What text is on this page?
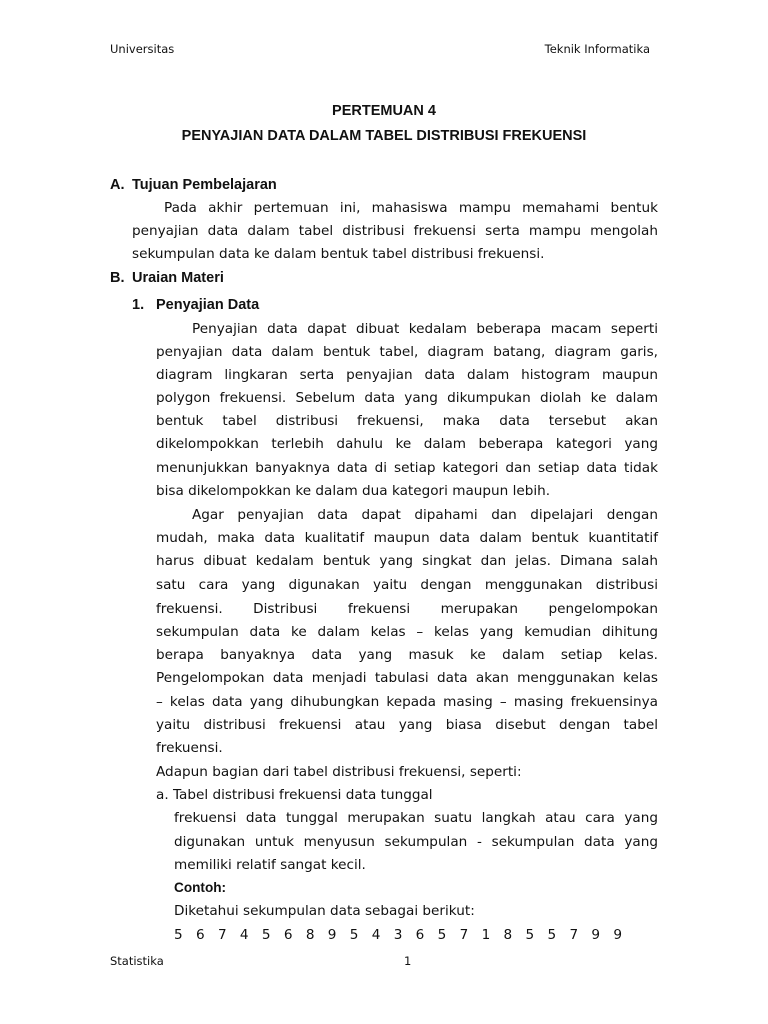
Universitas	Teknik Informatika
Statistika	1
PERTEMUAN 4
PENYAJIAN DATA DALAM TABEL DISTRIBUSI FREKUENSI
A. Tujuan Pembelajaran
Pada akhir pertemuan ini, mahasiswa mampu memahami bentuk
penyajian data dalam tabel distribusi frekuensi serta mampu mengolah
sekumpulan data ke dalam bentuk tabel distribusi frekuensi.
B. Uraian Materi
1. Penyajian Data
Penyajian data dapat dibuat kedalam beberapa macam seperti
penyajian data dalam bentuk tabel, diagram batang, diagram garis,
diagram lingkaran serta penyajian data dalam histogram maupun
polygon frekuensi. Sebelum data yang dikumpukan diolah ke dalam
bentuk tabel distribusi frekuensi, maka data tersebut akan
dikelompokkan terlebih dahulu ke dalam beberapa kategori yang
menunjukkan banyaknya data di setiap kategori dan setiap data tidak
bisa dikelompokkan ke dalam dua kategori maupun lebih.
Agar penyajian data dapat dipahami dan dipelajari dengan
mudah, maka data kualitatif maupun data dalam bentuk kuantitatif
harus dibuat kedalam bentuk yang singkat dan jelas. Dimana salah
satu cara yang digunakan yaitu dengan menggunakan distribusi
frekuensi. Distribusi frekuensi merupakan pengelompokan
sekumpulan data ke dalam kelas – kelas yang kemudian dihitung
berapa banyaknya data yang masuk ke dalam setiap kelas.
Pengelompokan data menjadi tabulasi data akan menggunakan kelas
– kelas data yang dihubungkan kepada masing – masing frekuensinya
yaitu distribusi frekuensi atau yang biasa disebut dengan tabel
frekuensi.
Adapun bagian dari tabel distribusi frekuensi, seperti:
a. Tabel distribusi frekuensi data tunggal
frekuensi data tunggal merupakan suatu langkah atau cara yang
digunakan untuk menyusun sekumpulan - sekumpulan data yang
memiliki relatif sangat kecil.
Contoh:
Diketahui sekumpulan data sebagai berikut:
5 6 7 4 5 6 8 9 5 4 3 6 5 7 1 8 5 5 7 9 9
